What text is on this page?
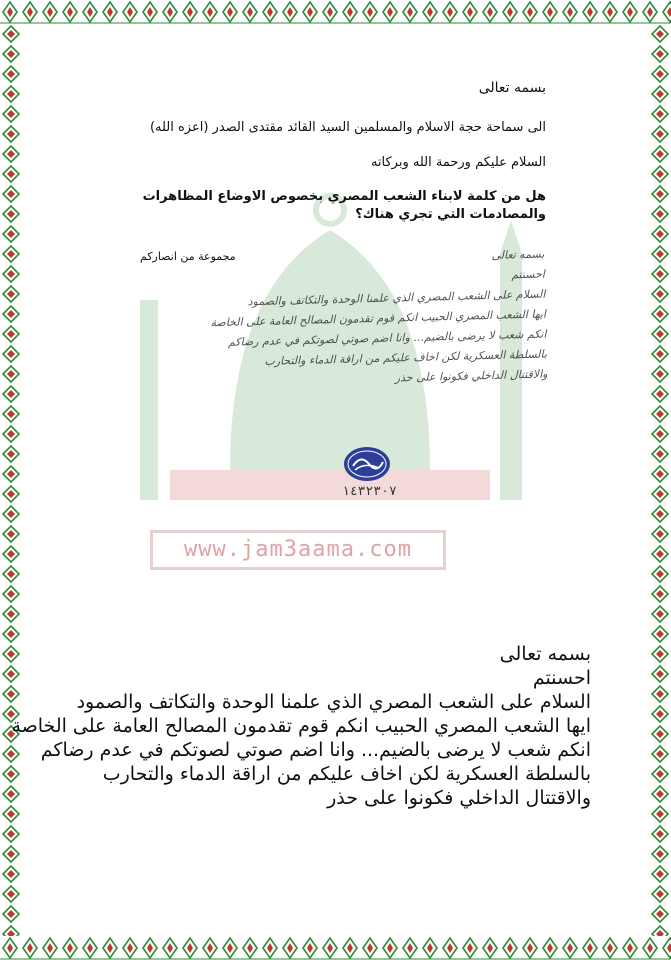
www.jam3aama.com

بسمه تعالى

الى سماحة حجة الاسلام والمسلمين السيد القائد مقتدى الصدر (اعزه الله)

السلام عليكم ورحمة الله وبركاته

هل من كلمة لابناء الشعب المصري بخصوص الاوضاع المظاهرات والمصادمات التي تجري هناك؟

مجموعة من انصاركم	بسمه تعالى
احسنتم
السلام على الشعب المصري الذي علمنا الوحدة والتكاتف والصمود
ايها الشعب المصري الحبيب انكم قوم تقدمون المصالح العامة على الخاصة
انكم شعب لا يرضى بالضيم... وانا اضم صوتي لصوتكم في عدم رضاكم
بالسلطة العسكرية لكن اخاف عليكم من اراقة الدماء والتحارب
والاقتتال الداخلي فكونوا على حذر
١٤٣٢٣٠٧
بسمه تعالى
احسنتم
السلام على الشعب المصري الذي علمنا الوحدة والتكاتف والصمود
ايها الشعب المصري الحبيب انكم قوم تقدمون المصالح العامة على الخاصة
انكم شعب لا يرضى بالضيم... وانا اضم صوتي لصوتكم في عدم رضاكم
بالسلطة العسكرية لكن اخاف عليكم من اراقة الدماء والتحارب
والاقتتال الداخلي فكونوا على حذر
